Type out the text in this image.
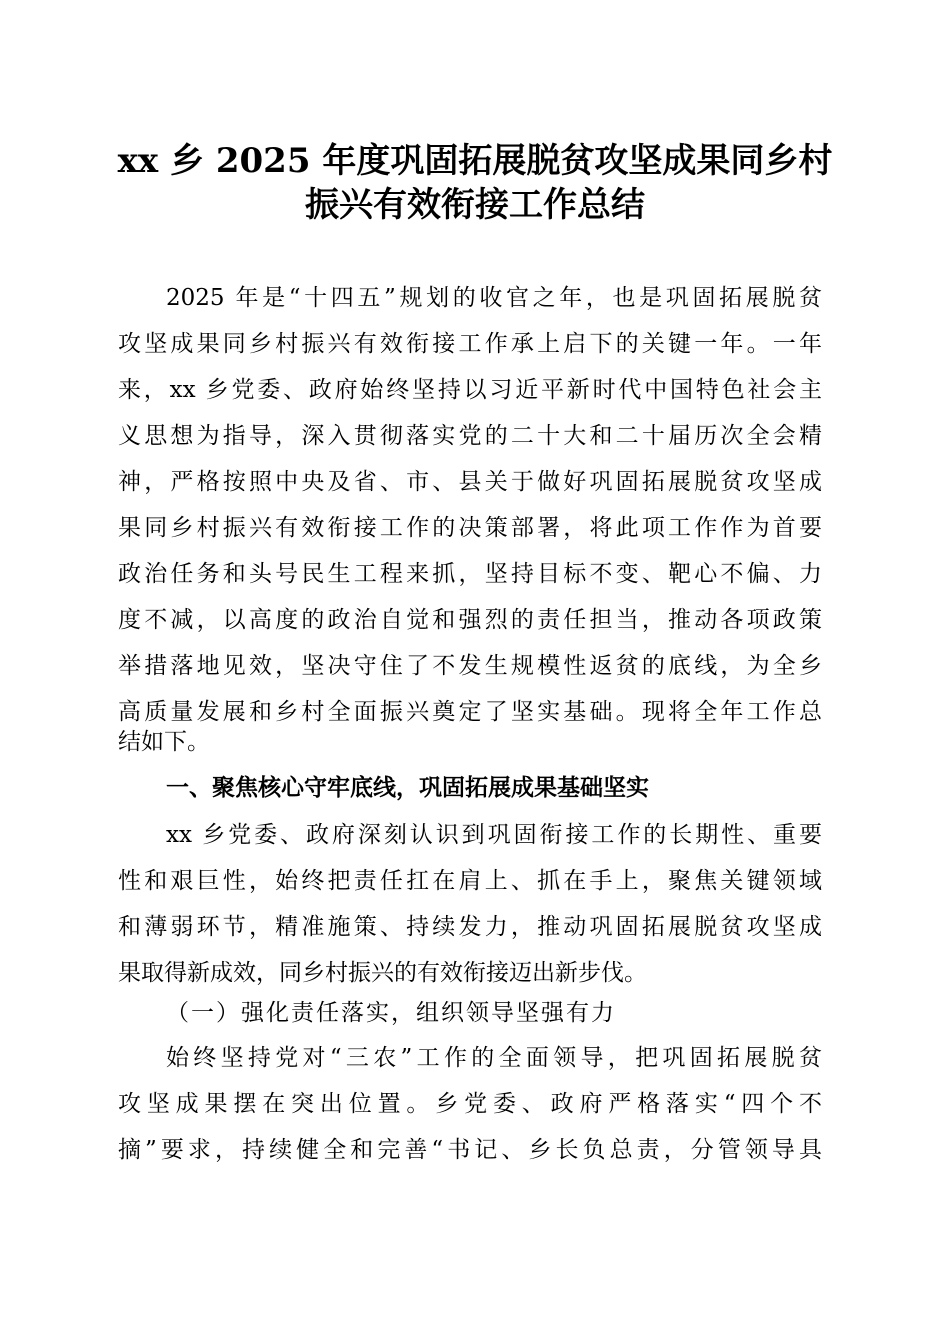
xx 乡 2025 年度巩固拓展脱贫攻坚成果同乡村
振兴有效衔接工作总结
2025 年是“十四五”规划的收官之年，也是巩固拓展脱贫
攻坚成果同乡村振兴有效衔接工作承上启下的关键一年。一年
来，xx 乡党委、政府始终坚持以习近平新时代中国特色社会主
义思想为指导，深入贯彻落实党的二十大和二十届历次全会精
神，严格按照中央及省、市、县关于做好巩固拓展脱贫攻坚成
果同乡村振兴有效衔接工作的决策部署，将此项工作作为首要
政治任务和头号民生工程来抓，坚持目标不变、靶心不偏、力
度不减，以高度的政治自觉和强烈的责任担当，推动各项政策
举措落地见效，坚决守住了不发生规模性返贫的底线，为全乡
高质量发展和乡村全面振兴奠定了坚实基础。现将全年工作总
结如下。
一、聚焦核心守牢底线，巩固拓展成果基础坚实
xx 乡党委、政府深刻认识到巩固衔接工作的长期性、重要
性和艰巨性，始终把责任扛在肩上、抓在手上，聚焦关键领域
和薄弱环节，精准施策、持续发力，推动巩固拓展脱贫攻坚成
果取得新成效，同乡村振兴的有效衔接迈出新步伐。
（一）强化责任落实，组织领导坚强有力
始终坚持党对“三农”工作的全面领导，把巩固拓展脱贫
攻坚成果摆在突出位置。乡党委、政府严格落实“四个不
摘”要求，持续健全和完善“书记、乡长负总责，分管领导具
